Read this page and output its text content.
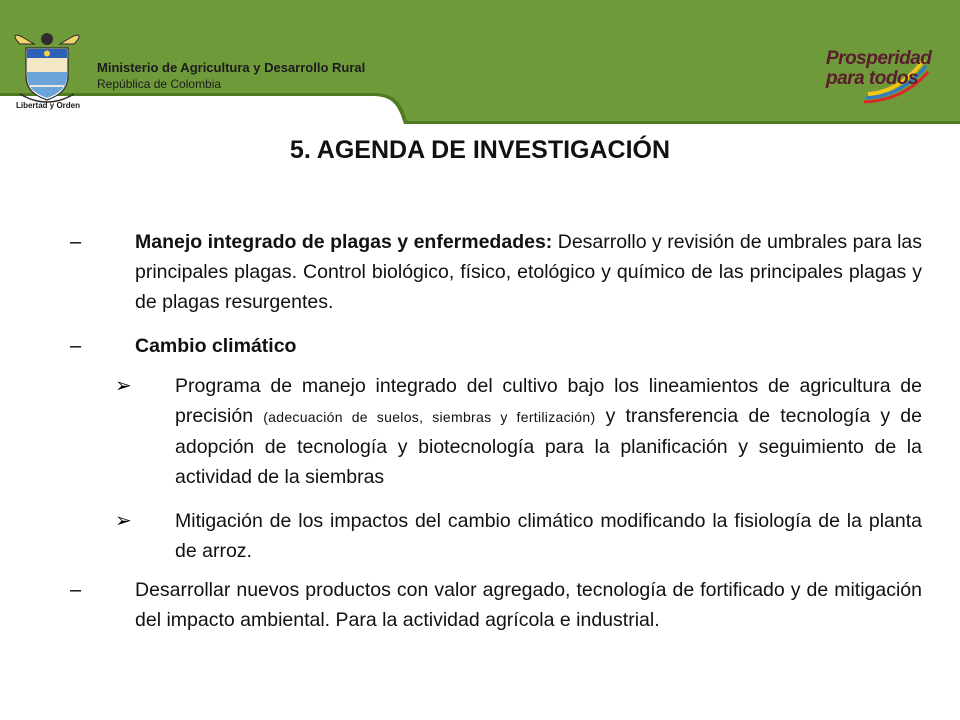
Libertad y Orden
Ministerio de Agricultura y Desarrollo Rural
República de Colombia
Prosperidad
para todos
5. AGENDA DE INVESTIGACIÓN
–	Manejo integrado de plagas y enfermedades: Desarrollo y revisión de umbrales para las principales plagas. Control biológico, físico, etológico y químico de las principales plagas y de plagas resurgentes.
–	Cambio climático
➢ Programa de manejo integrado del cultivo bajo los lineamientos de agricultura de precisión (adecuación de suelos, siembras y fertilización) y transferencia de tecnología y de adopción de tecnología y biotecnología para la planificación y seguimiento de la actividad de la siembras
➢ Mitigación de los impactos del cambio climático modificando la fisiología de la planta de arroz.
–	Desarrollar nuevos productos con valor agregado, tecnología de fortificado y de mitigación del impacto ambiental. Para la actividad agrícola e industrial.
